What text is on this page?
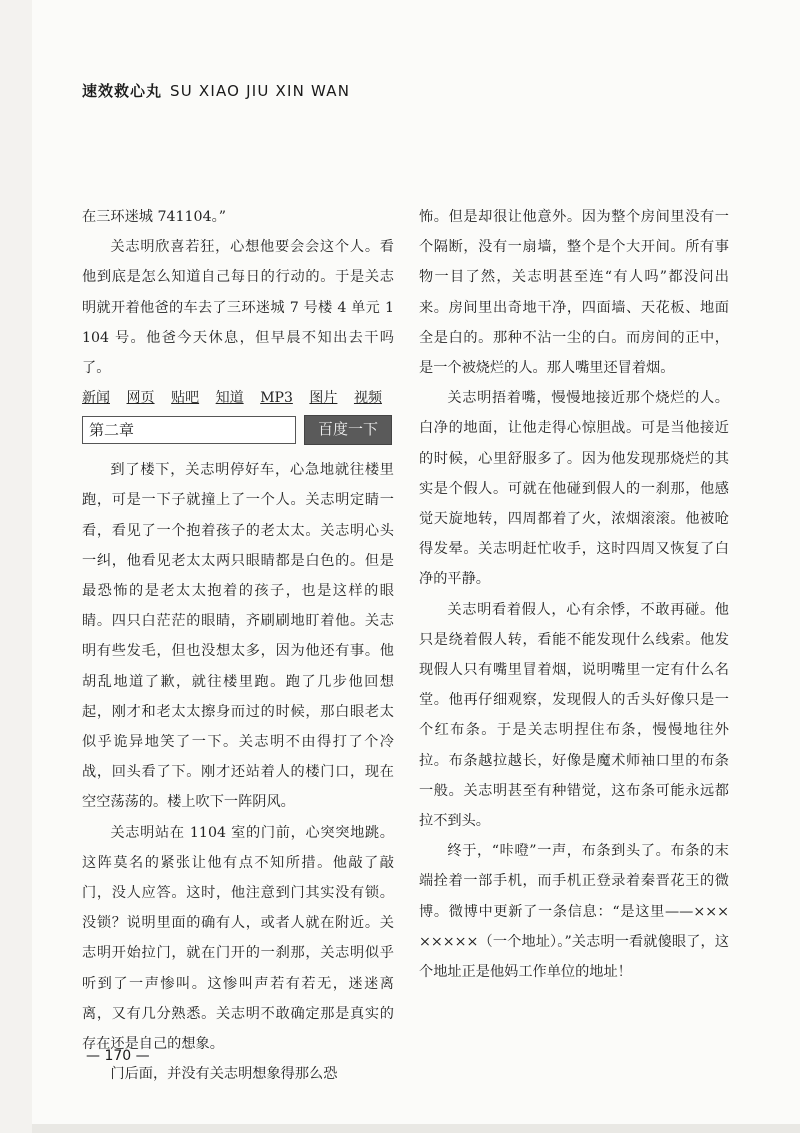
速效救心丸 SU XIAO JIU XIN WAN

在三环迷城 741104。”

关志明欣喜若狂，心想他要会会这个人。看他到底是怎么知道自己每日的行动的。于是关志明就开着他爸的车去了三环迷城 7 号楼 4 单元 1104 号。他爸今天休息，但早晨不知出去干吗了。

新闻 网页 贴吧 知道 MP3 图片 视频
第二章	百度一下

到了楼下，关志明停好车，心急地就往楼里跑，可是一下子就撞上了一个人。关志明定睛一看，看见了一个抱着孩子的老太太。关志明心头一纠，他看见老太太两只眼睛都是白色的。但是最恐怖的是老太太抱着的孩子，也是这样的眼睛。四只白茫茫的眼睛，齐刷刷地盯着他。关志明有些发毛，但也没想太多，因为他还有事。他胡乱地道了歉，就往楼里跑。跑了几步他回想起，刚才和老太太擦身而过的时候，那白眼老太似乎诡异地笑了一下。关志明不由得打了个冷战，回头看了下。刚才还站着人的楼门口，现在空空荡荡的。楼上吹下一阵阴风。

关志明站在 1104 室的门前，心突突地跳。这阵莫名的紧张让他有点不知所措。他敲了敲门，没人应答。这时，他注意到门其实没有锁。没锁？说明里面的确有人，或者人就在附近。关志明开始拉门，就在门开的一刹那，关志明似乎听到了一声惨叫。这惨叫声若有若无，迷迷离离，又有几分熟悉。关志明不敢确定那是真实的存在还是自己的想象。

门后面，并没有关志明想象得那么恐

怖。但是却很让他意外。因为整个房间里没有一个隔断，没有一扇墙，整个是个大开间。所有事物一目了然，关志明甚至连“有人吗”都没问出来。房间里出奇地干净，四面墙、天花板、地面全是白的。那种不沾一尘的白。而房间的正中，是一个被烧烂的人。那人嘴里还冒着烟。

关志明捂着嘴，慢慢地接近那个烧烂的人。白净的地面，让他走得心惊胆战。可是当他接近的时候，心里舒服多了。因为他发现那烧烂的其实是个假人。可就在他碰到假人的一刹那，他感觉天旋地转，四周都着了火，浓烟滚滚。他被呛得发晕。关志明赶忙收手，这时四周又恢复了白净的平静。

关志明看着假人，心有余悸，不敢再碰。他只是绕着假人转，看能不能发现什么线索。他发现假人只有嘴里冒着烟，说明嘴里一定有什么名堂。他再仔细观察，发现假人的舌头好像只是一个红布条。于是关志明捏住布条，慢慢地往外拉。布条越拉越长，好像是魔术师袖口里的布条一般。关志明甚至有种错觉，这布条可能永远都拉不到头。

终于，“咔噔”一声，布条到头了。布条的末端拴着一部手机，而手机正登录着秦晋花王的微博。微博中更新了一条信息：“是这里——××××××××（一个地址）。”关志明一看就傻眼了，这个地址正是他妈工作单位的地址！

— 170 —
